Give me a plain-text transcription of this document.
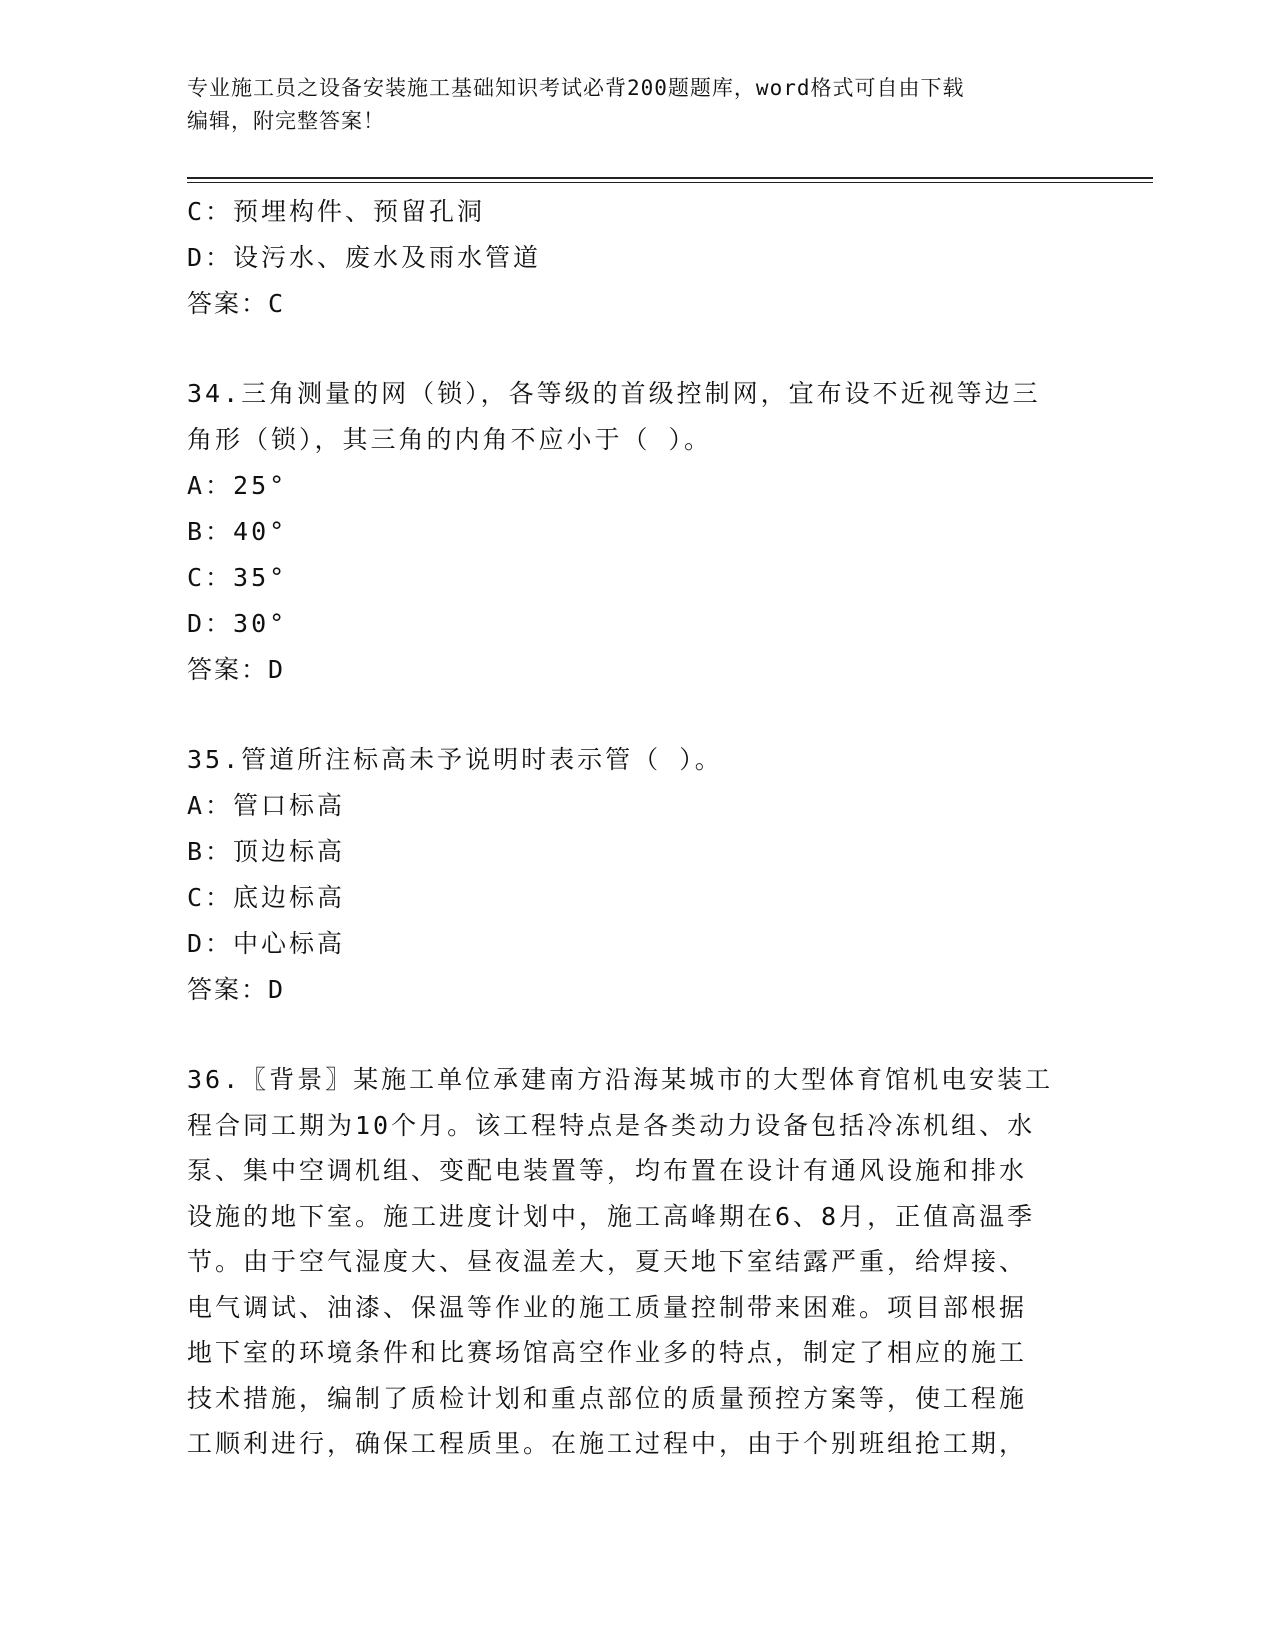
专业施工员之设备安装施工基础知识考试必背200题题库，word格式可自由下载
编辑，附完整答案！
C：预埋构件、预留孔洞
D：设污水、废水及雨水管道
答案：C
34.三角测量的网（锁），各等级的首级控制网，宜布设不近视等边三
角形（锁），其三角的内角不应小于（ ）。
A：25°
B：40°
C：35°
D：30°
答案：D
35.管道所注标高未予说明时表示管（ ）。
A：管口标高
B：顶边标高
C：底边标高
D：中心标高
答案：D
36.〖背景〗某施工单位承建南方沿海某城市的大型体育馆机电安装工
程合同工期为10个月。该工程特点是各类动力设备包括冷冻机组、水
泵、集中空调机组、变配电装置等，均布置在设计有通风设施和排水
设施的地下室。施工进度计划中，施工高峰期在6、8月，正值高温季
节。由于空气湿度大、昼夜温差大，夏天地下室结露严重，给焊接、
电气调试、油漆、保温等作业的施工质量控制带来困难。项目部根据
地下室的环境条件和比赛场馆高空作业多的特点，制定了相应的施工
技术措施，编制了质检计划和重点部位的质量预控方案等，使工程施
工顺利进行，确保工程质里。在施工过程中，由于个别班组抢工期，
